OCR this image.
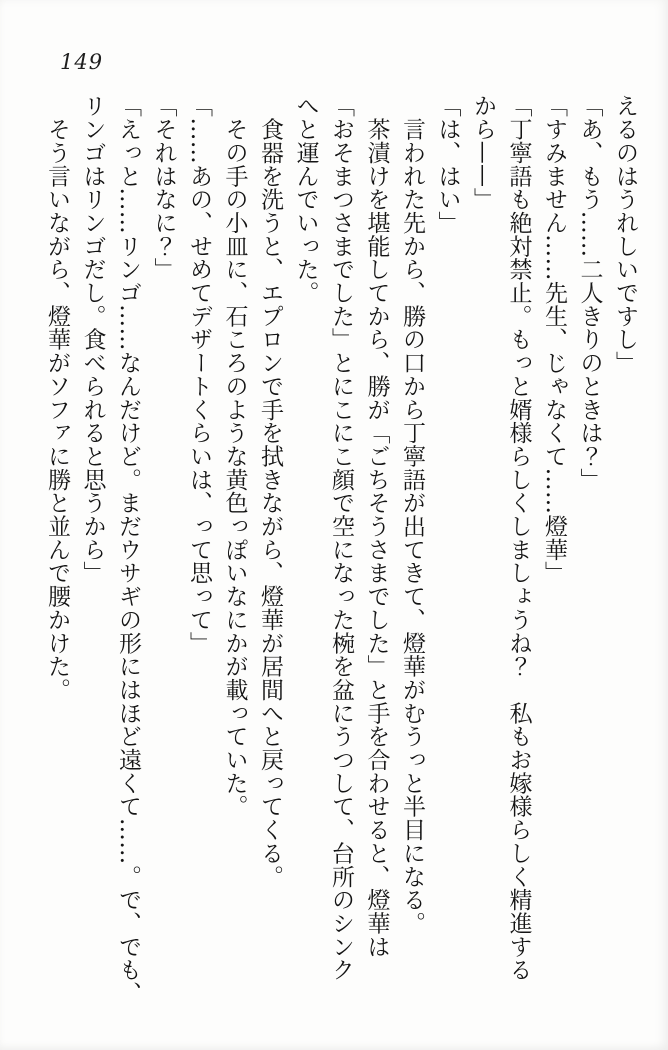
149

えるのはうれしいですし」

「あ、もう……二人きりのときは？」

「すみません……先生、じゃなくて……燈華」

「丁寧語も絶対禁止。もっと婿様らしくしましょうね？　私もお嫁様らしく精進する

から——」

「は、はい」

　言われた先から、勝の口から丁寧語が出てきて、燈華がむうっと半目になる。

　茶漬けを堪能してから、勝が「ごちそうさまでした」と手を合わせると、燈華は

「おそまつさまでした」とにこにこ顔で空になった椀を盆にうつして、台所のシンク

へと運んでいった。

　食器を洗うと、エプロンで手を拭きながら、燈華が居間へと戻ってくる。

　その手の小皿に、石ころのような黄色っぽいなにかが載っていた。

「……あの、せめてデザートくらいは、って思って」

「それはなに？」

「えっと……リンゴ……なんだけど。まだウサギの形にはほど遠くて……。で、でも、

リンゴはリンゴだし。食べられると思うから」

　そう言いながら、燈華がソファに勝と並んで腰かけた。
